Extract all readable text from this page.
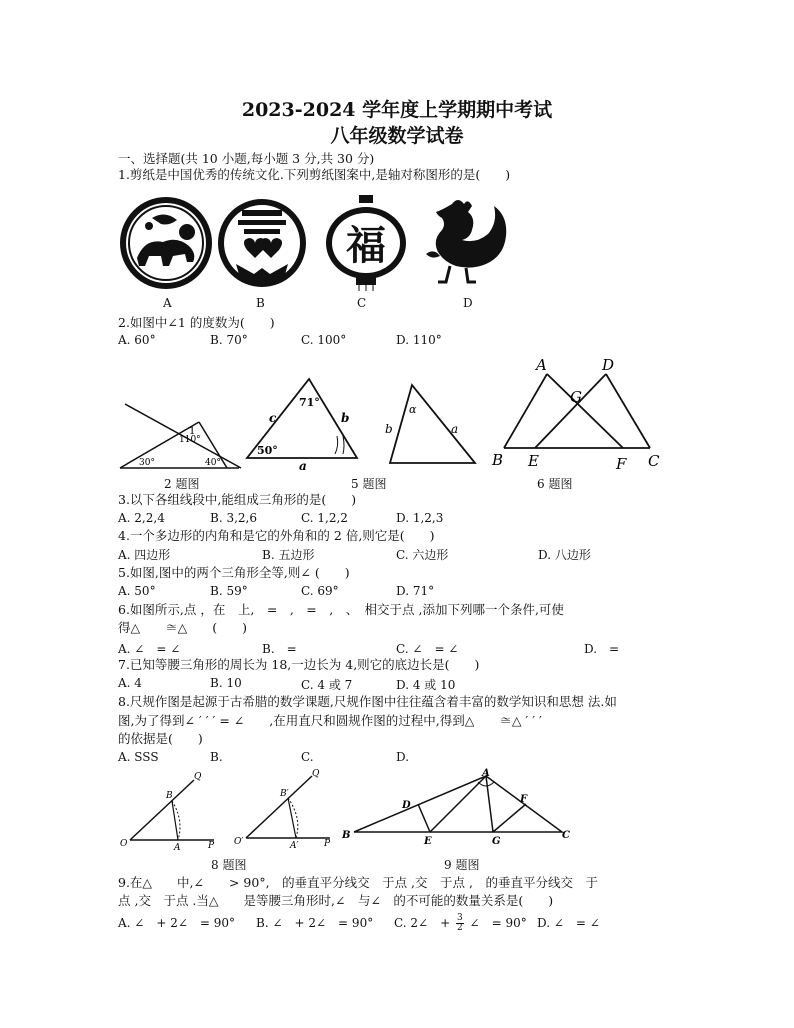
2023-2024 学年度上学期期中考试
八年级数学试卷
一、选择题(共 10 小题,每小题 3 分,共 30 分)
1.剪纸是中国优秀的传统文化.下列剪纸图案中,是轴对称图形的是(　　)
福
A	B	C	D
2.如图中∠1 的度数为(　　)
A. 60°	B. 70°	C. 100°	D. 110°
1
110°
30°	40°
71°
50°
c	b
a
α
b	a
A	D
G
B E	F C
2 题图	5 题图	6 题图
3.以下各组线段中,能组成三角形的是(　　)
A. 2,2,4	B. 3,2,6	C. 1,2,2	D. 1,2,3
4.一个多边形的内角和是它的外角和的 2 倍,则它是(　　)
A. 四边形	B. 五边形	C. 六边形	D. 八边形
5.如图,图中的两个三角形全等,则∠ (　　)
A. 50°	B. 59°	C. 69°	D. 71°
6.如图所示,点 ，在　上,　=　,　=　,　、　相交于点 ,添加下列哪一个条件,可使
得△　　≅△　　(　　)
A. ∠　= ∠	B.　=	C. ∠　= ∠	D.　=
7.已知等腰三角形的周长为 18,一边长为 4,则它的底边长是(　　)
A. 4	B. 10	C. 4 或 7	D. 4 或 10
8.尺规作图是起源于古希腊的数学课题,尺规作图中往往蕴含着丰富的数学知识和思想 法.如
图,为了得到∠ ′ ′ ′ = ∠　　,在用直尺和圆规作图的过程中,得到△　　≅△ ′ ′ ′
的依据是(　　)
A. SSS	B.	C.	D.
O	A
B
P
Q
O′	A′
B′
P
Q	A
B	C
D
E
F
G
8 题图	9 题图
9.在△　　中,∠　　> 90°,　的垂直平分线交　于点 ,交　于点 ,　的垂直平分线交　于
点 ,交　于点 .当△　　是等腰三角形时,∠　与∠　的不可能的数量关系是(　　)
A. ∠　+ 2∠　= 90° B. ∠　+ 2∠　= 90° C. 2∠　+ $\frac{3}{2}$ ∠　= 90° D. ∠　= ∠
